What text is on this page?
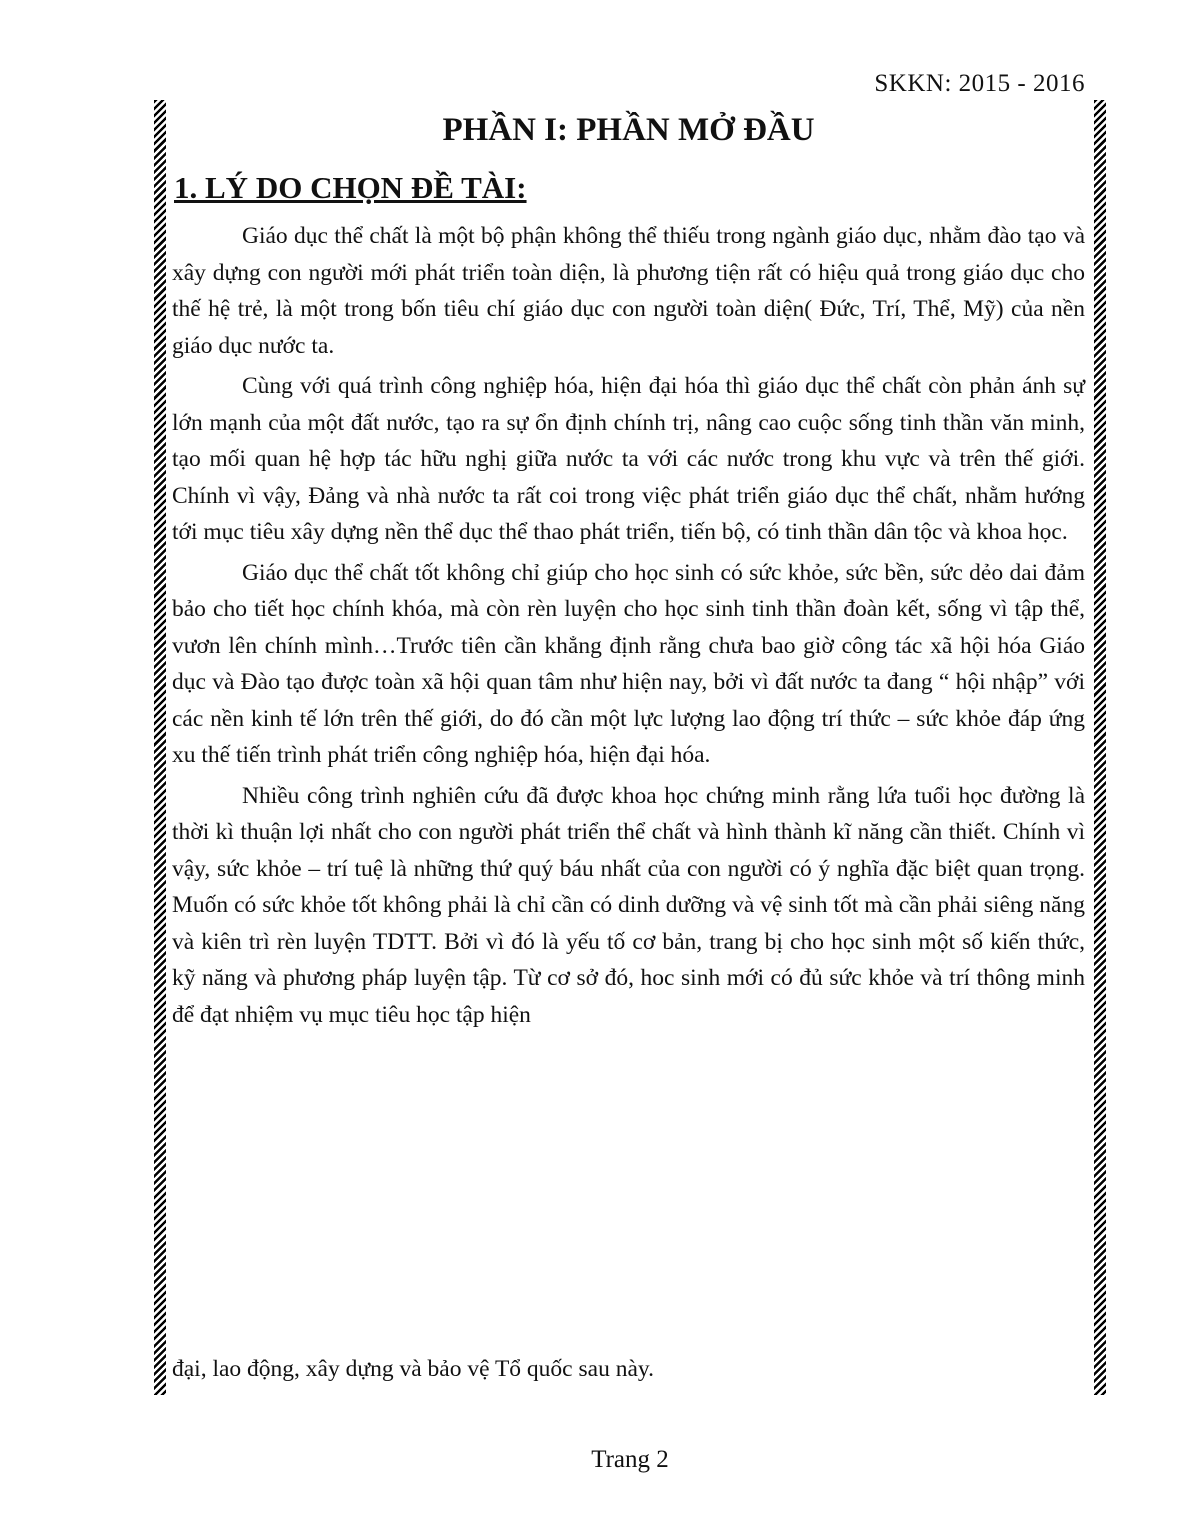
SKKN: 2015 - 2016
PHẦN I: PHẦN MỞ ĐẦU
1. LÝ DO CHỌN ĐỀ TÀI:

Giáo dục thể chất là một bộ phận không thể thiếu trong ngành giáo dục, nhằm đào tạo và xây dựng con người mới phát triển toàn diện, là phương tiện rất có hiệu quả trong giáo dục cho thế hệ trẻ, là một trong bốn tiêu chí giáo dục con người toàn diện( Đức, Trí, Thể, Mỹ) của nền giáo dục nước ta.

Cùng với quá trình công nghiệp hóa, hiện đại hóa thì giáo dục thể chất còn phản ánh sự lớn mạnh của một đất nước, tạo ra sự ổn định chính trị, nâng cao cuộc sống tinh thần văn minh, tạo mối quan hệ hợp tác hữu nghị giữa nước ta với các nước trong khu vực và trên thế giới. Chính vì vậy, Đảng và nhà nước ta rất coi trong việc phát triển giáo dục thể chất, nhằm hướng tới mục tiêu xây dựng nền thể dục thể thao phát triển, tiến bộ, có tinh thần dân tộc và khoa học.

Giáo dục thể chất tốt không chỉ giúp cho học sinh có sức khỏe, sức bền, sức dẻo dai đảm bảo cho tiết học chính khóa, mà còn rèn luyện cho học sinh tinh thần đoàn kết, sống vì tập thể, vươn lên chính mình…Trước tiên cần khẳng định rằng chưa bao giờ công tác xã hội hóa Giáo dục và Đào tạo được toàn xã hội quan tâm như hiện nay, bởi vì đất nước ta đang “ hội nhập” với các nền kinh tế lớn trên thế giới, do đó cần một lực lượng lao động trí thức – sức khỏe đáp ứng xu thế tiến trình phát triển công nghiệp hóa, hiện đại hóa.

Nhiều công trình nghiên cứu đã được khoa học chứng minh rằng lứa tuổi học đường là thời kì thuận lợi nhất cho con người phát triển thể chất và hình thành kĩ năng cần thiết. Chính vì vậy, sức khỏe – trí tuệ là những thứ quý báu nhất của con người có ý nghĩa đặc biệt quan trọng. Muốn có sức khỏe tốt không phải là chỉ cần có dinh dưỡng và vệ sinh tốt mà cần phải siêng năng và kiên trì rèn luyện TDTT. Bởi vì đó là yếu tố cơ bản, trang bị cho học sinh một số kiến thức, kỹ năng và phương pháp luyện tập. Từ cơ sở đó, hoc sinh mới có đủ sức khỏe và trí thông minh để đạt nhiệm vụ mục tiêu học tập hiện

đại, lao động, xây dựng và bảo vệ Tổ quốc sau này.
Trang 2
